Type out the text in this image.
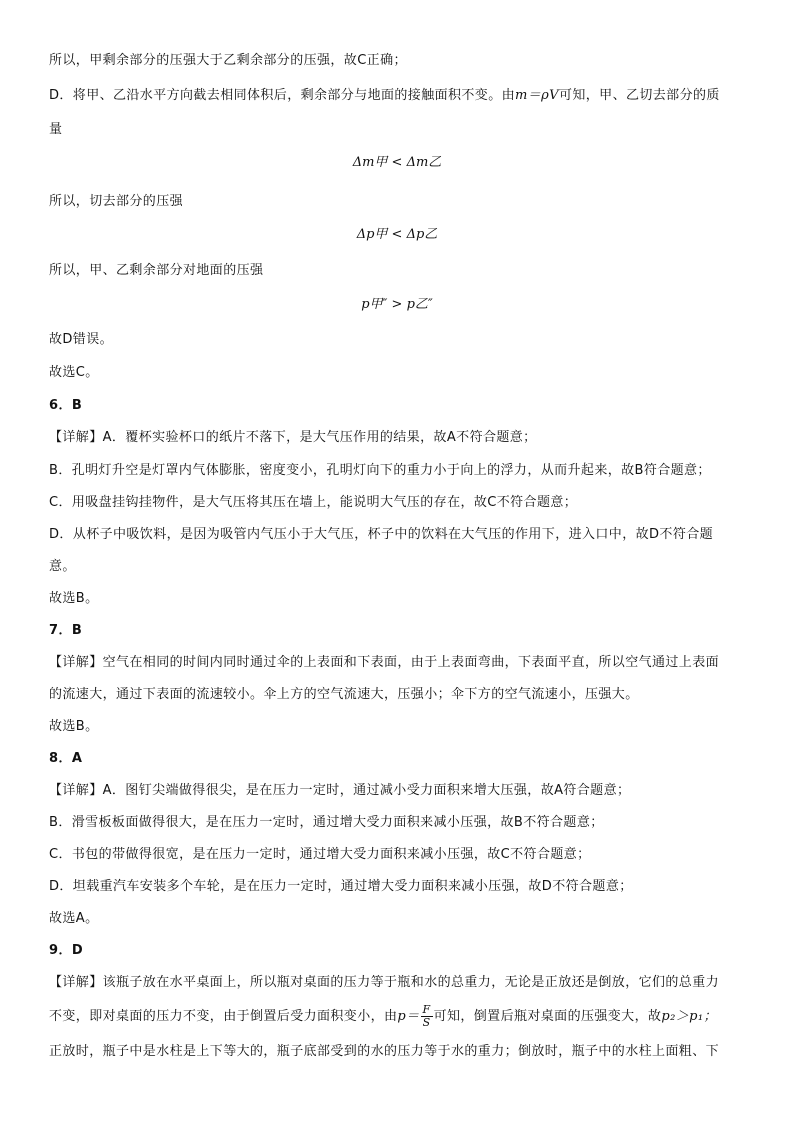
所以，甲剩余部分的压强大于乙剩余部分的压强，故C正确；
D．将甲、乙沿水平方向截去相同体积后，剩余部分与地面的接触面积不变。由m＝ρV可知，甲、乙切去部分的质
量
Δm甲 < Δm乙
所以，切去部分的压强
Δp甲 < Δp乙
所以，甲、乙剩余部分对地面的压强
p甲″ > p乙″
故D错误。
故选C。
6．B
【详解】A．覆杯实验杯口的纸片不落下，是大气压作用的结果，故A不符合题意；
B．孔明灯升空是灯罩内气体膨胀，密度变小，孔明灯向下的重力小于向上的浮力，从而升起来，故B符合题意；
C．用吸盘挂钩挂物件，是大气压将其压在墙上，能说明大气压的存在，故C不符合题意；
D．从杯子中吸饮料，是因为吸管内气压小于大气压，杯子中的饮料在大气压的作用下，进入口中，故D不符合题
意。
故选B。
7．B
【详解】空气在相同的时间内同时通过伞的上表面和下表面，由于上表面弯曲，下表面平直，所以空气通过上表面
的流速大，通过下表面的流速较小。伞上方的空气流速大，压强小；伞下方的空气流速小，压强大。
故选B。
8．A
【详解】A．图钉尖端做得很尖，是在压力一定时，通过减小受力面积来增大压强，故A符合题意；
B．滑雪板板面做得很大，是在压力一定时，通过增大受力面积来减小压强，故B不符合题意；
C．书包的带做得很宽，是在压力一定时，通过增大受力面积来减小压强，故C不符合题意；
D．坦载重汽车安装多个车轮，是在压力一定时，通过增大受力面积来减小压强，故D不符合题意；
故选A。
9．D
【详解】该瓶子放在水平桌面上，所以瓶对桌面的压力等于瓶和水的总重力，无论是正放还是倒放，它们的总重力
不变，即对桌面的压力不变，由于倒置后受力面积变小，由$p= \frac{F}{S}$ 可知，倒置后瓶对桌面的压强变大，故p₂＞p₁；
正放时，瓶子中是水柱是上下等大的，瓶子底部受到的水的压力等于水的重力；倒放时，瓶子中的水柱上面粗、下
